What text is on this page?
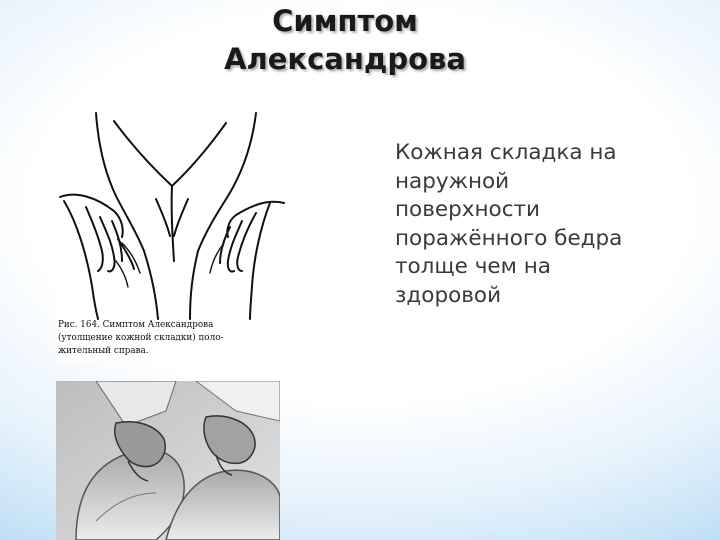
Симптом
Александрова
Рис. 164. Симптом Александрова
(утолщение кожной складки) поло-
жительный справа.
Кожная складка на
наружной
поверхности
поражённого бедра
толще чем на
здоровой
